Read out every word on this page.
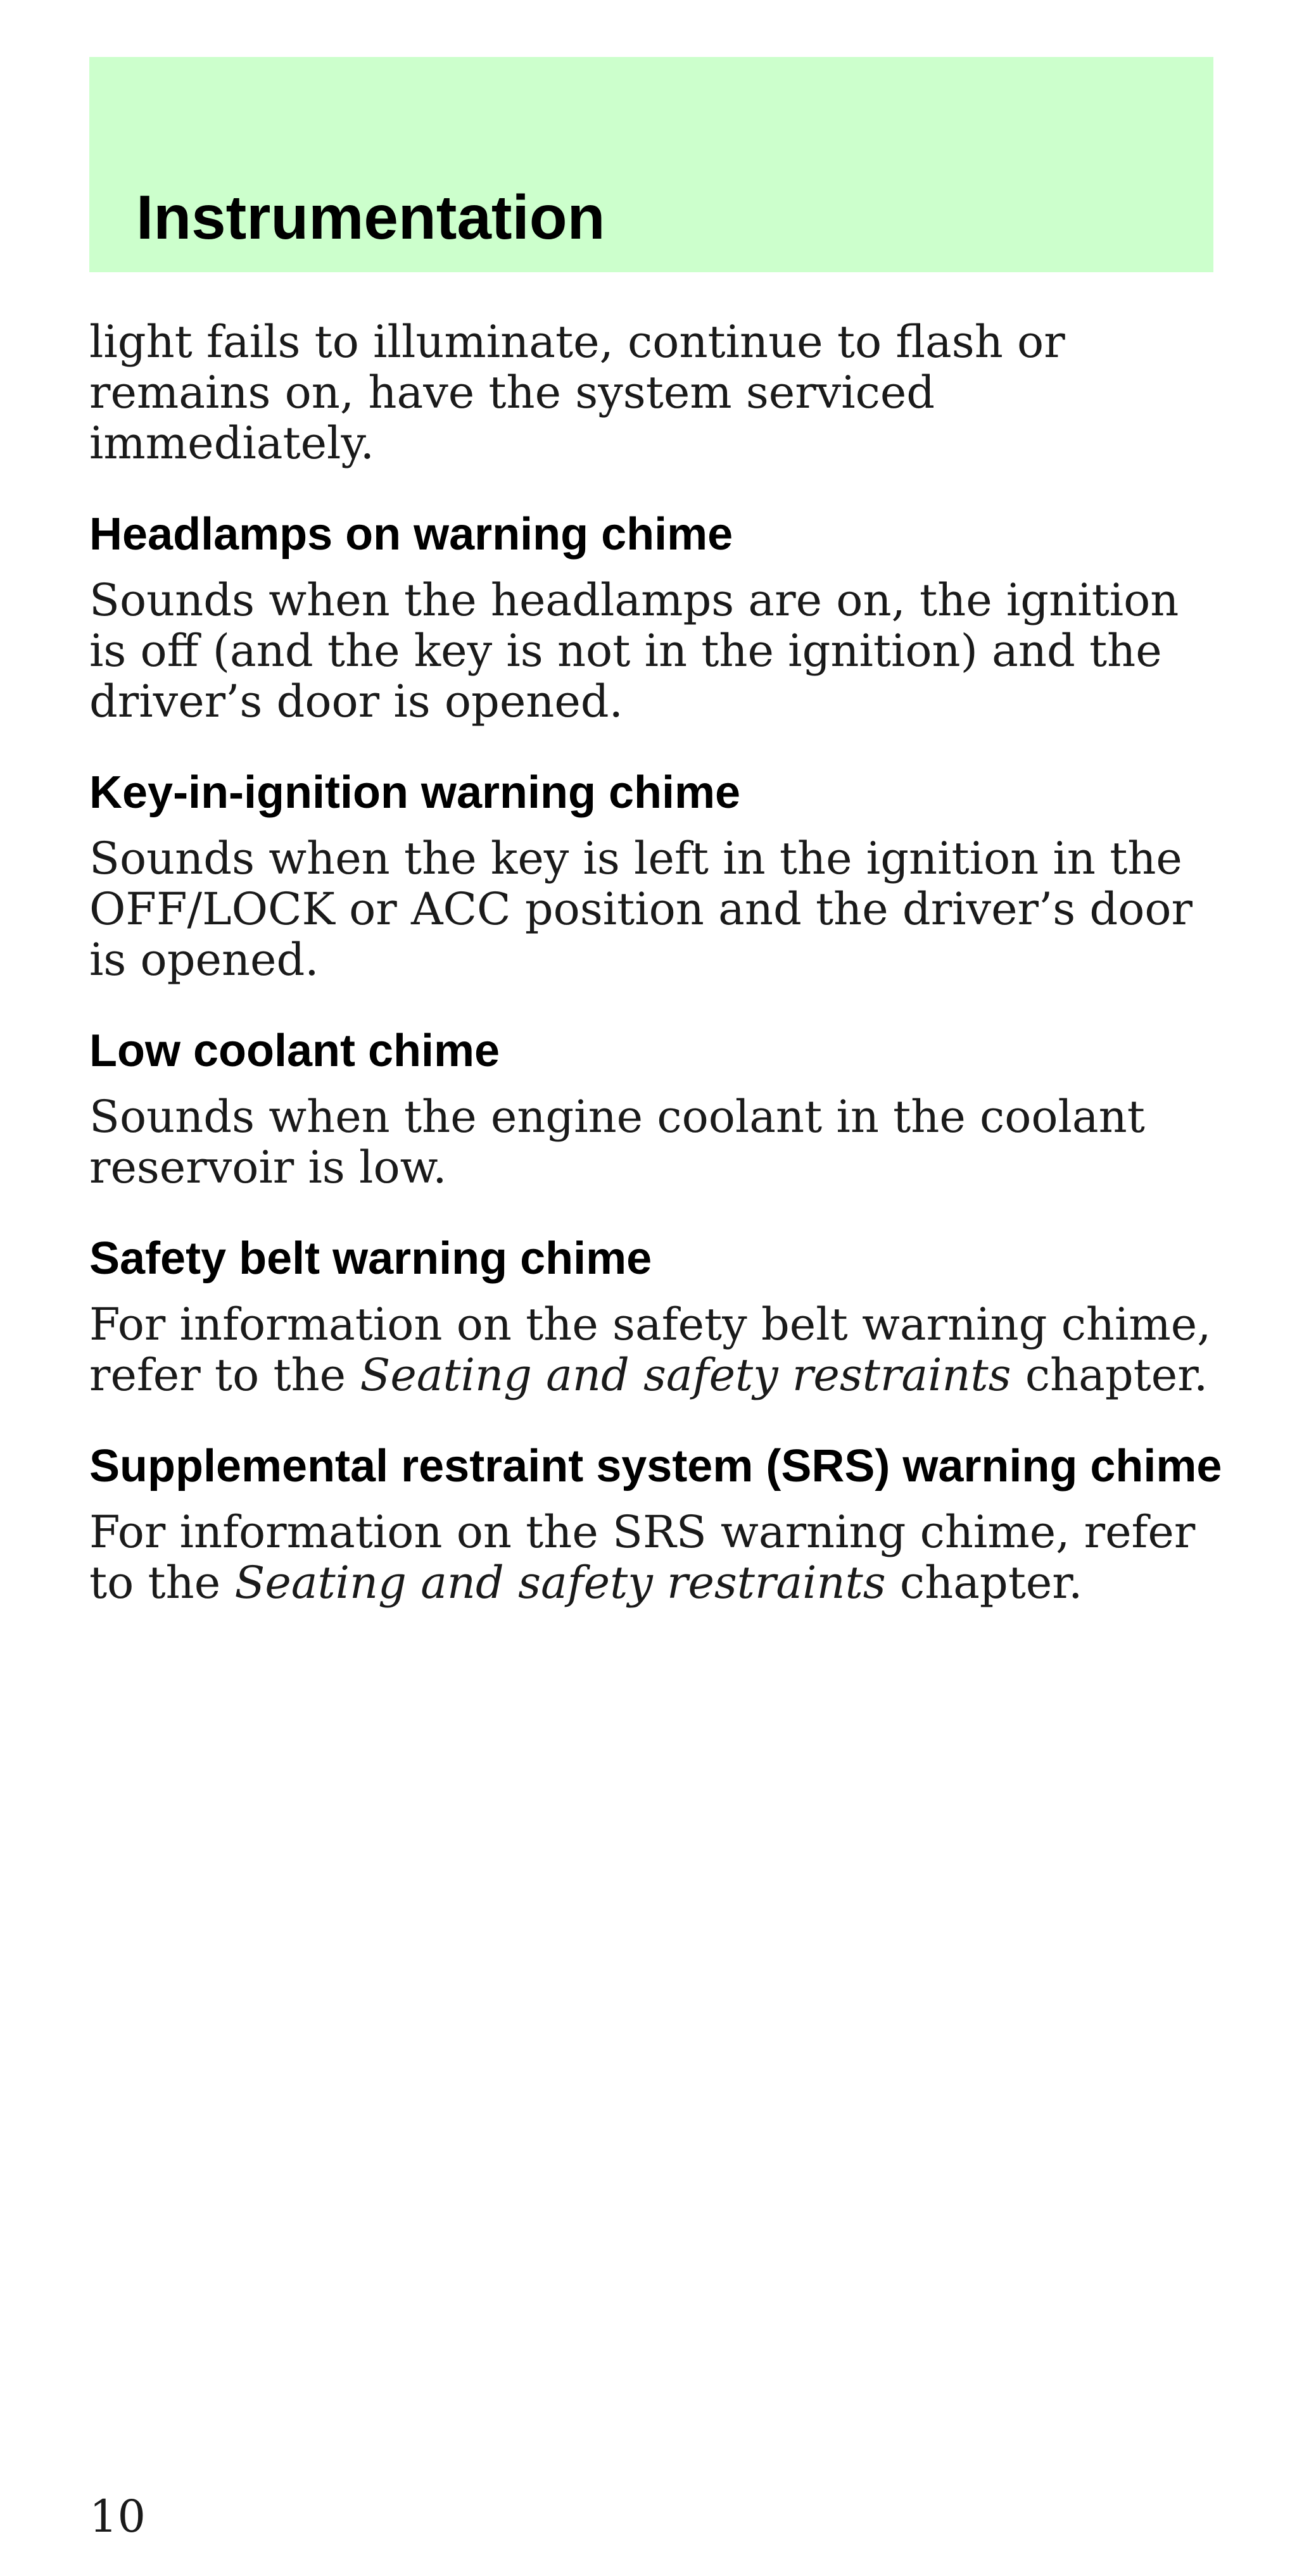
Instrumentation

light fails to illuminate, continue to flash or remains on, have the system serviced immediately.

Headlamps on warning chime

Sounds when the headlamps are on, the ignition is off (and the key is not in the ignition) and the driver’s door is opened.

Key-in-ignition warning chime

Sounds when the key is left in the ignition in the OFF/LOCK or ACC position and the driver’s door is opened.

Low coolant chime

Sounds when the engine coolant in the coolant reservoir is low.

Safety belt warning chime

For information on the safety belt warning chime, refer to the Seating and safety restraints chapter.

Supplemental restraint system (SRS) warning chime

For information on the SRS warning chime, refer to the Seating and safety restraints chapter.

10
